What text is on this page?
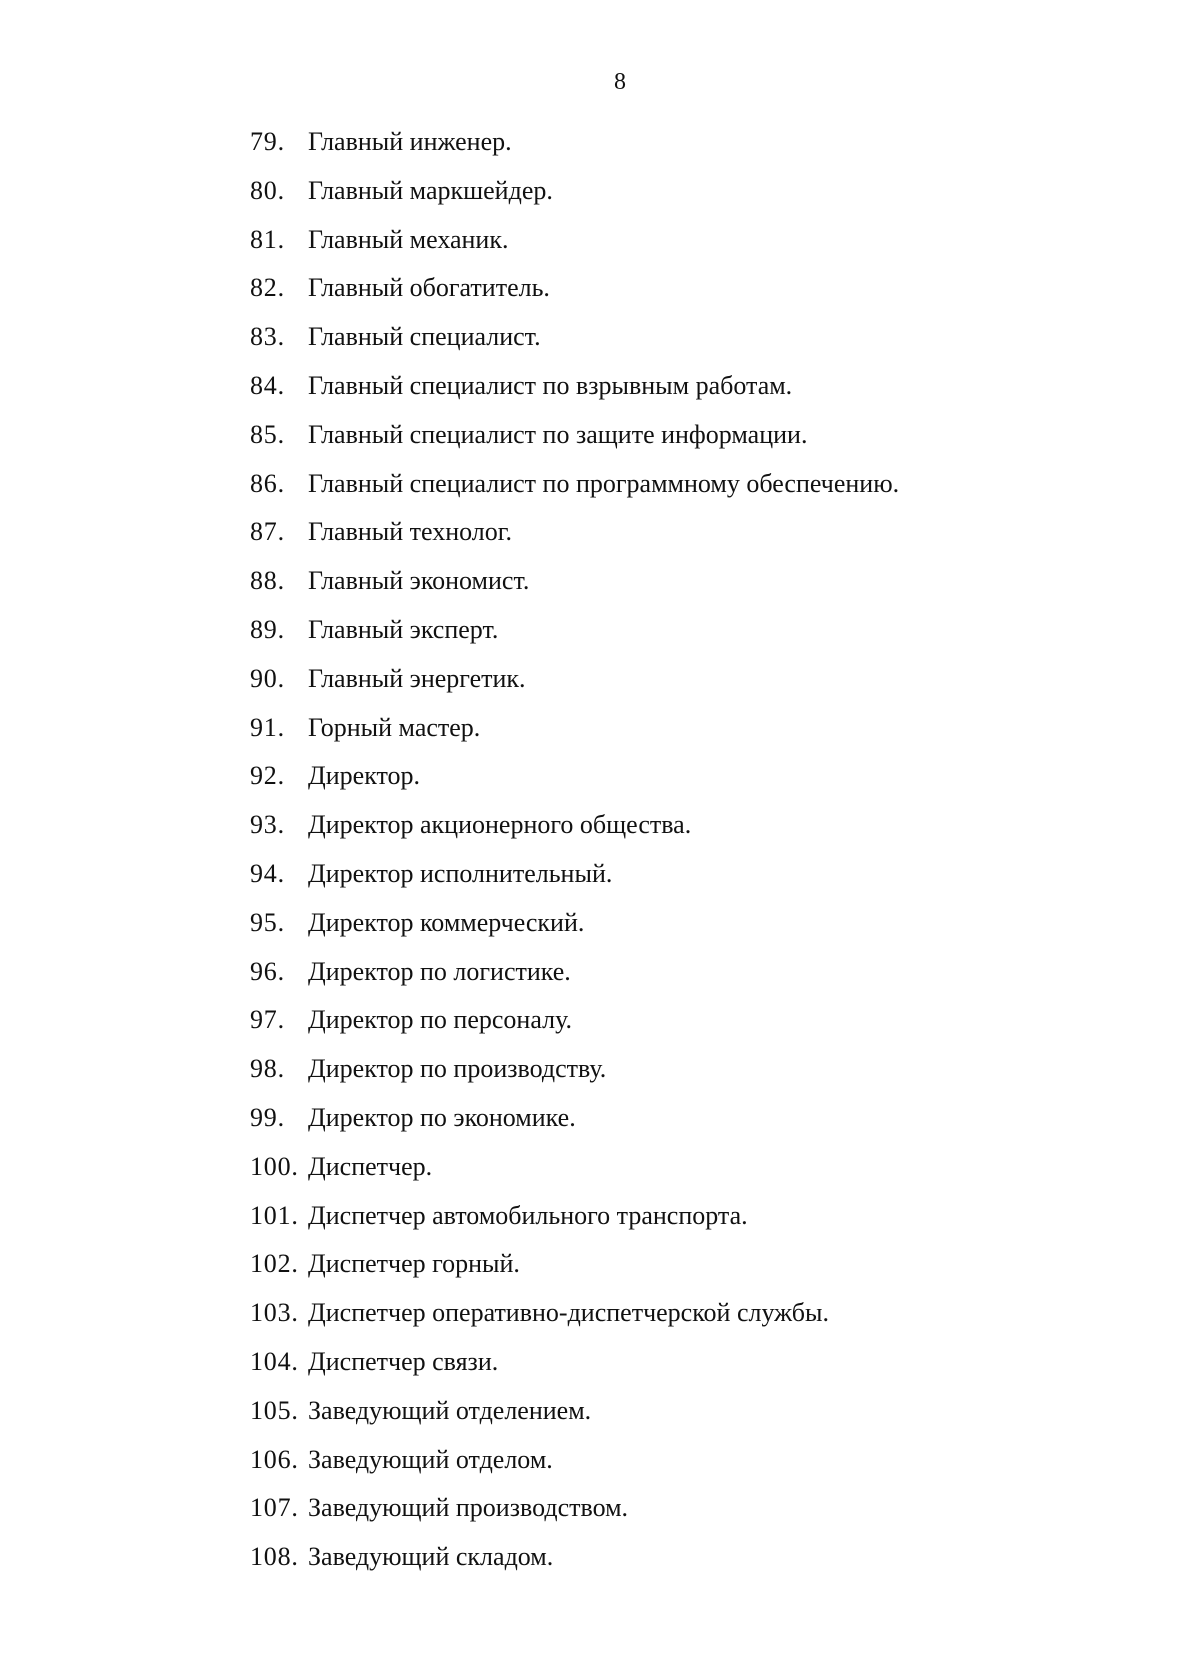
8
79. Главный инженер.
80. Главный маркшейдер.
81. Главный механик.
82. Главный обогатитель.
83. Главный специалист.
84. Главный специалист по взрывным работам.
85. Главный специалист по защите информации.
86. Главный специалист по программному обеспечению.
87. Главный технолог.
88. Главный экономист.
89. Главный эксперт.
90. Главный энергетик.
91. Горный мастер.
92. Директор.
93. Директор акционерного общества.
94. Директор исполнительный.
95. Директор коммерческий.
96. Директор по логистике.
97. Директор по персоналу.
98. Директор по производству.
99. Директор по экономике.
100. Диспетчер.
101. Диспетчер автомобильного транспорта.
102. Диспетчер горный.
103. Диспетчер оперативно-диспетчерской службы.
104. Диспетчер связи.
105. Заведующий отделением.
106. Заведующий отделом.
107. Заведующий производством.
108. Заведующий складом.
